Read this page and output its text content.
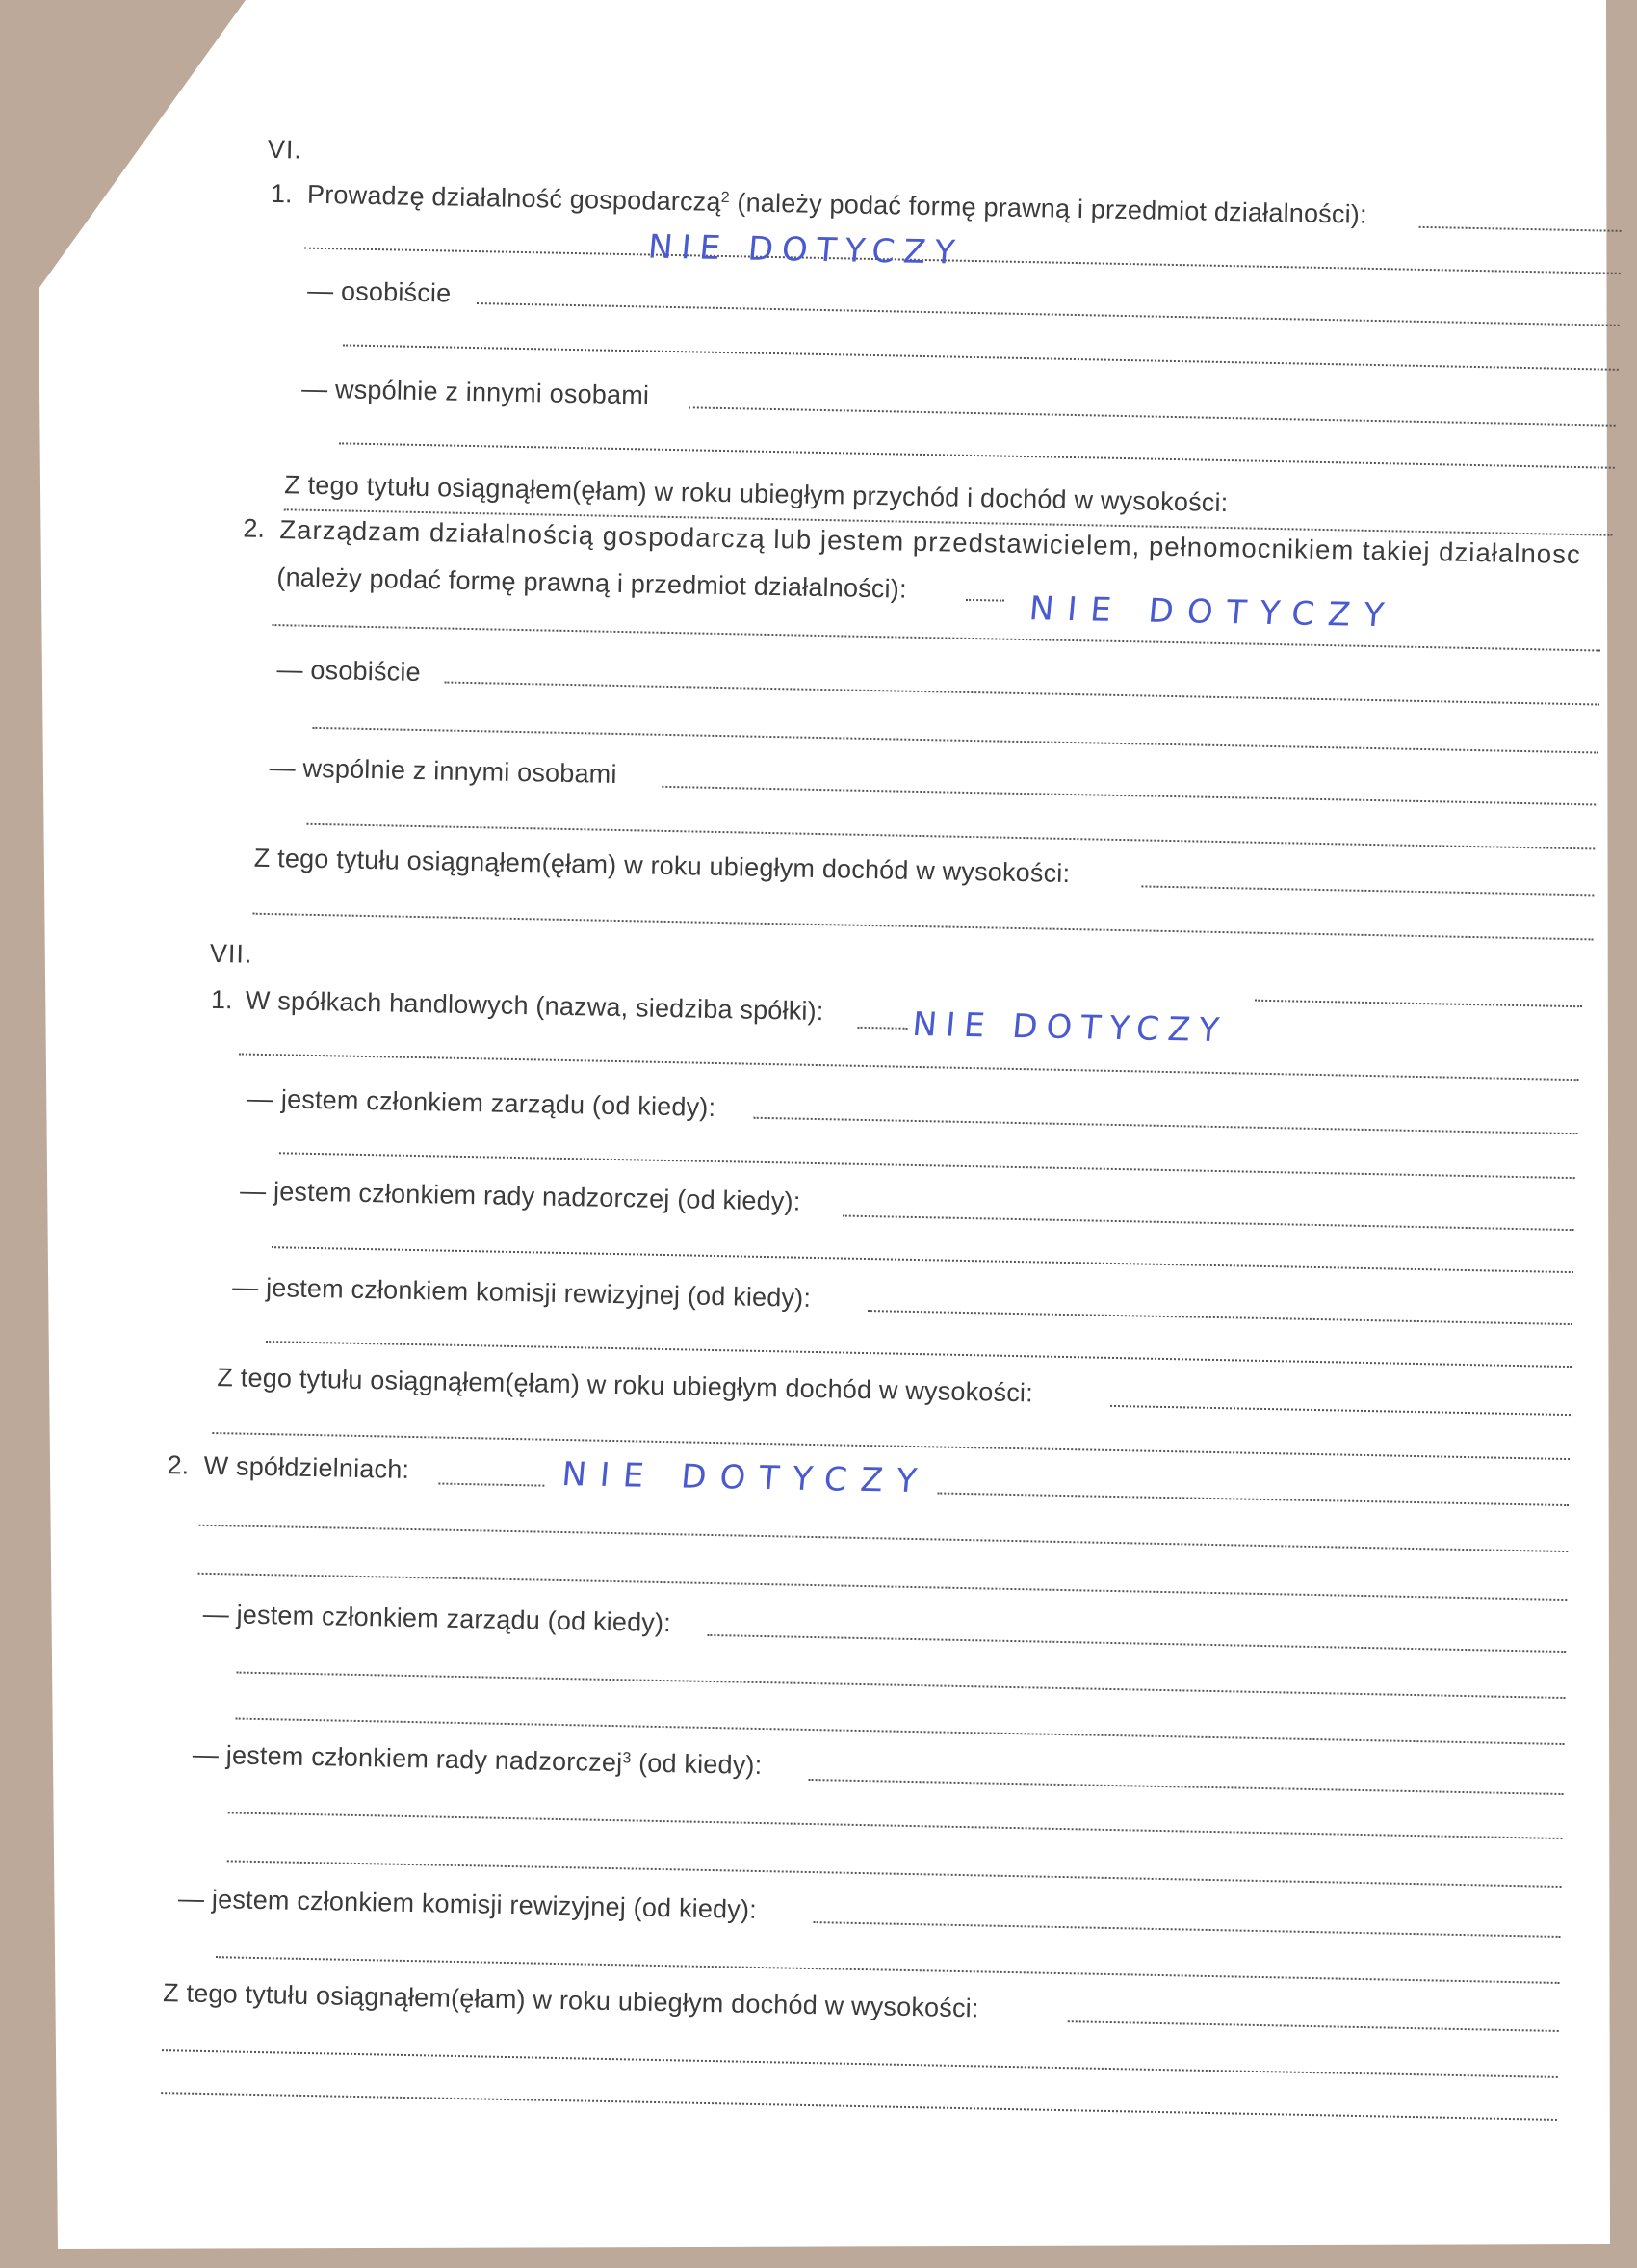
VI.
1. Prowadzę działalność gospodarczą$^2$ (należy podać formę prawną i przedmiot działalności):
NIE DOTYCZY
— osobiście
— wspólnie z innymi osobami
Z tego tytułu osiągnąłem(ęłam) w roku ubiegłym przychód i dochód w wysokości:
2. Zarządzam działalnością gospodarczą lub jestem przedstawicielem, pełnomocnikiem takiej działalnosc
(należy podać formę prawną i przedmiot działalności):
NIE DOTYCZY
— osobiście
— wspólnie z innymi osobami
Z tego tytułu osiągnąłem(ęłam) w roku ubiegłym dochód w wysokości:
VII.
1. W spółkach handlowych (nazwa, siedziba spółki):	NIE DOTYCZY
— jestem członkiem zarządu (od kiedy):
— jestem członkiem rady nadzorczej (od kiedy):
— jestem członkiem komisji rewizyjnej (od kiedy):
Z tego tytułu osiągnąłem(ęłam) w roku ubiegłym dochód w wysokości:
2. W spółdzielniach:	NIE DOTYCZY
— jestem członkiem zarządu (od kiedy):
— jestem członkiem rady nadzorczej$^3$ (od kiedy):
— jestem członkiem komisji rewizyjnej (od kiedy):
Z tego tytułu osiągnąłem(ęłam) w roku ubiegłym dochód w wysokości:
